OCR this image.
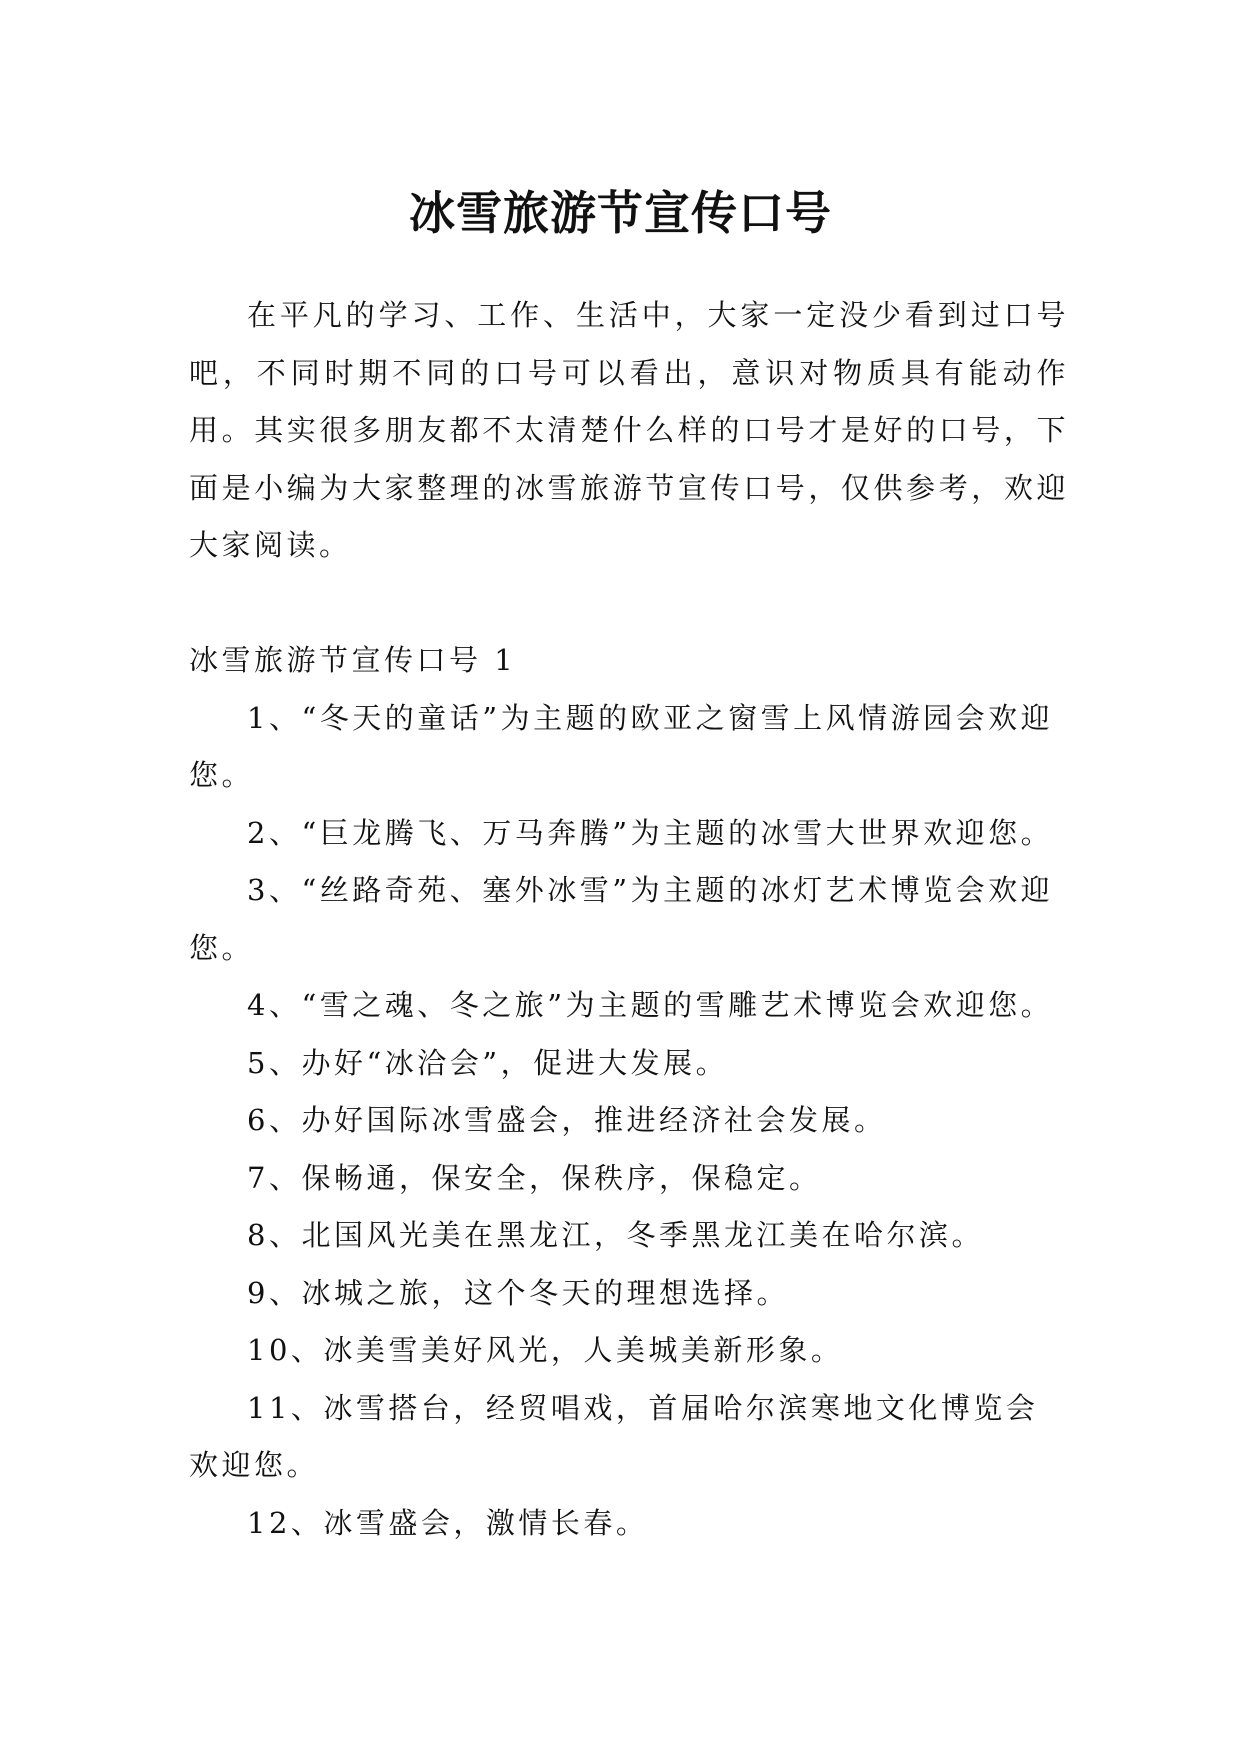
冰雪旅游节宣传口号

在平凡的学习、工作、生活中，大家一定没少看到过口号吧，不同时期不同的口号可以看出，意识对物质具有能动作用。其实很多朋友都不太清楚什么样的口号才是好的口号，下面是小编为大家整理的冰雪旅游节宣传口号，仅供参考，欢迎大家阅读。

冰雪旅游节宣传口号 1

1、“冬天的童话”为主题的欧亚之窗雪上风情游园会欢迎您。
2、“巨龙腾飞、万马奔腾”为主题的冰雪大世界欢迎您。
3、“丝路奇苑、塞外冰雪”为主题的冰灯艺术博览会欢迎您。
4、“雪之魂、冬之旅”为主题的雪雕艺术博览会欢迎您。
5、办好“冰洽会”，促进大发展。
6、办好国际冰雪盛会，推进经济社会发展。
7、保畅通，保安全，保秩序，保稳定。
8、北国风光美在黑龙江，冬季黑龙江美在哈尔滨。
9、冰城之旅，这个冬天的理想选择。
10、冰美雪美好风光，人美城美新形象。
11、冰雪搭台，经贸唱戏，首届哈尔滨寒地文化博览会欢迎您。
12、冰雪盛会，激情长春。
